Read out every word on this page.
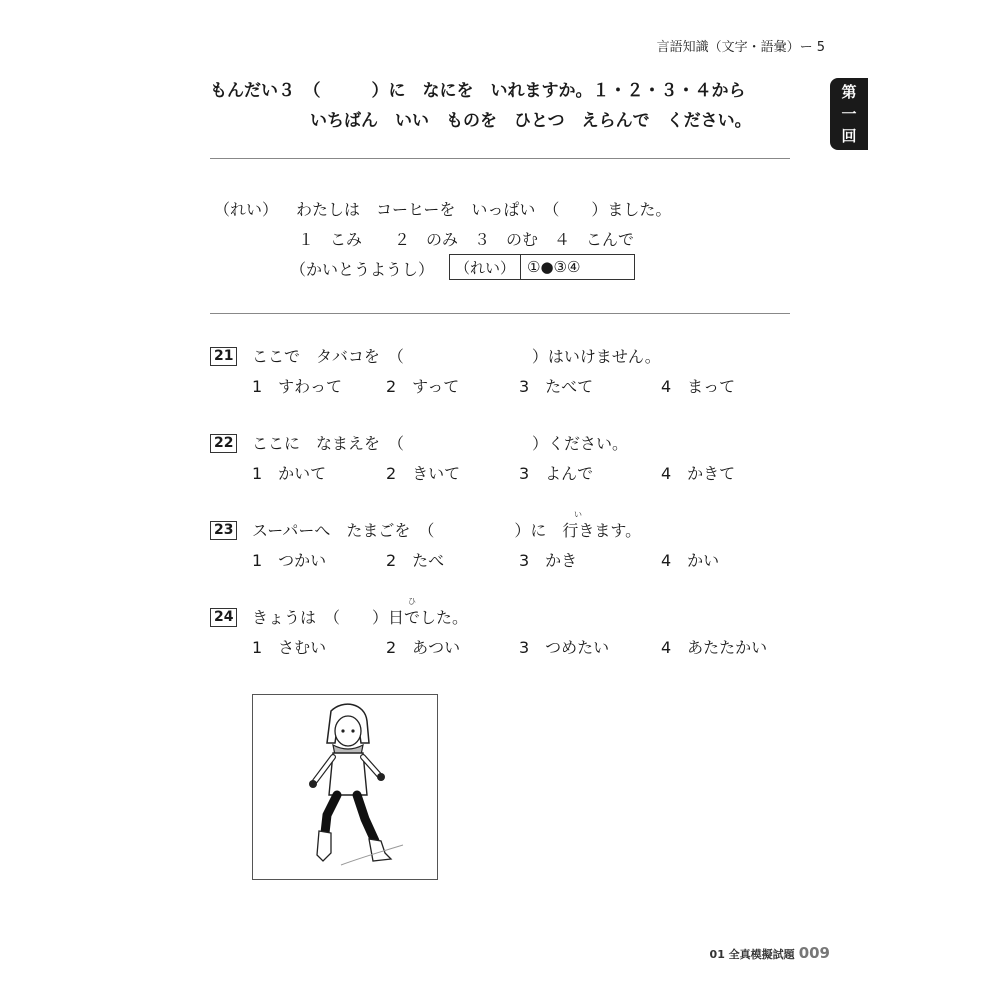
言語知識（文字・語彙）ー 5
第
一
回
もんだい３　（　　　）に　なにを　いれますか。１・２・３・４から
いちばん　いい　ものを　ひとつ　えらんで　ください。
（れい） わたしは　コーヒーを　いっぱい　（　　）ました。
１　こみ　　２　のみ　３　のむ　４　こんで
（かいとうようし）	（れい） ①●③④
21 ここで　タバコを　（　　　　　　　　）はいけません。
1　すわって	2　すって	3　たべて	4　まって
22 ここに　なまえを　（　　　　　　　　）ください。
1　かいて	2　きいて	3　よんで	4　かきて
23
い
スーパーへ　たまごを　（　　　　　）に　行きます。
1　つかい	2　たべ	3　かき	4　かい
24
ひ
きょうは　（　　）日でした。
1　さむい	2　あつい	3　つめたい	4　あたたかい
01 全真模擬試題 009
